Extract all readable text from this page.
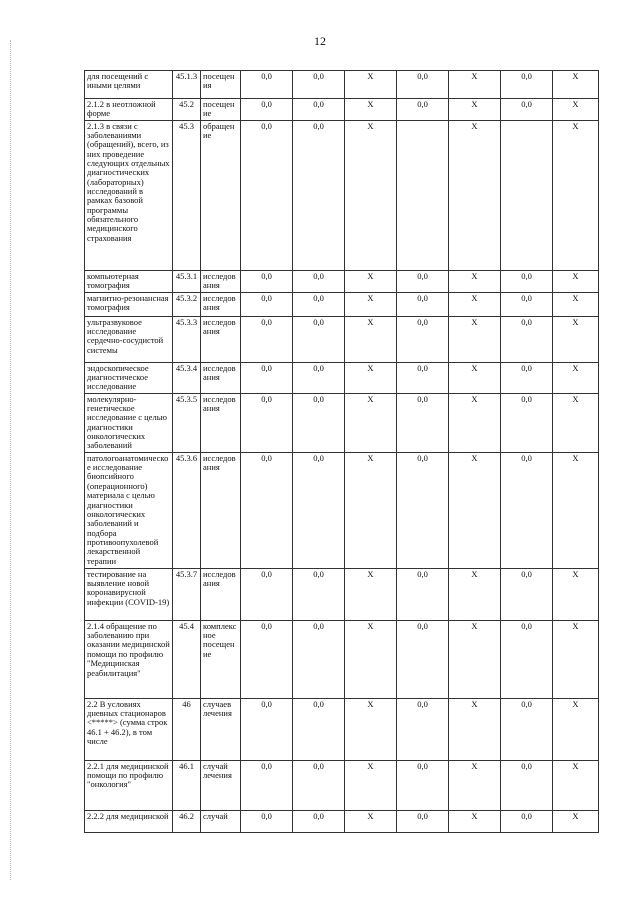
12
для посещений с иными целями	45.1.3	посещения	0,0	0,0	X	0,0	X	0,0	X
2.1.2 в неотложной форме	45.2	посещение	0,0	0,0	X	0,0	X	0,0	X
2.1.3 в связи с заболеваниями (обращений), всего, из них проведение следующих отдельных диагностических (лабораторных) исследований в рамках базовой программы обязательного медицинского страхования	45.3	обращение	0,0	0,0	X		X		X
компьютерная томография	45.3.1	исследования	0,0	0,0	X	0,0	X	0,0	X
магнитно-резонансная томография	45.3.2	исследования	0,0	0,0	X	0,0	X	0,0	X
ультразвуковое исследование сердечно-сосудистой системы	45.3.3	исследования	0,0	0,0	X	0,0	X	0,0	X
эндоскопическое диагностическое исследование	45.3.4	исследования	0,0	0,0	X	0,0	X	0,0	X
молекулярно-генетическое исследование с целью диагностики онкологических заболеваний	45.3.5	исследования	0,0	0,0	X	0,0	X	0,0	X
патологоанатомическое исследование биопсийного (операционного) материала с целью диагностики онкологических заболеваний и подбора противоопухолевой лекарственной терапии	45.3.6	исследования	0,0	0,0	X	0,0	X	0,0	X
тестирование на выявление новой коронавирусной инфекции (COVID-19)	45.3.7	исследования	0,0	0,0	X	0,0	X	0,0	X
2.1.4 обращение по заболеванию при оказании медицинской помощи по профилю "Медицинская реабилитация"	45.4	комплексное посещение	0,0	0,0	X	0,0	X	0,0	X
2.2 В условиях дневных стационаров <*****> (сумма строк 46.1 + 46.2), в том числе	46	случаев лечения	0,0	0,0	X	0,0	X	0,0	X
2.2.1 для медицинской помощи по профилю "онкология"	46.1	случай лечения	0,0	0,0	X	0,0	X	0,0	X
2.2.2 для медицинской	46.2	случай	0,0	0,0	X	0,0	X	0,0	X
